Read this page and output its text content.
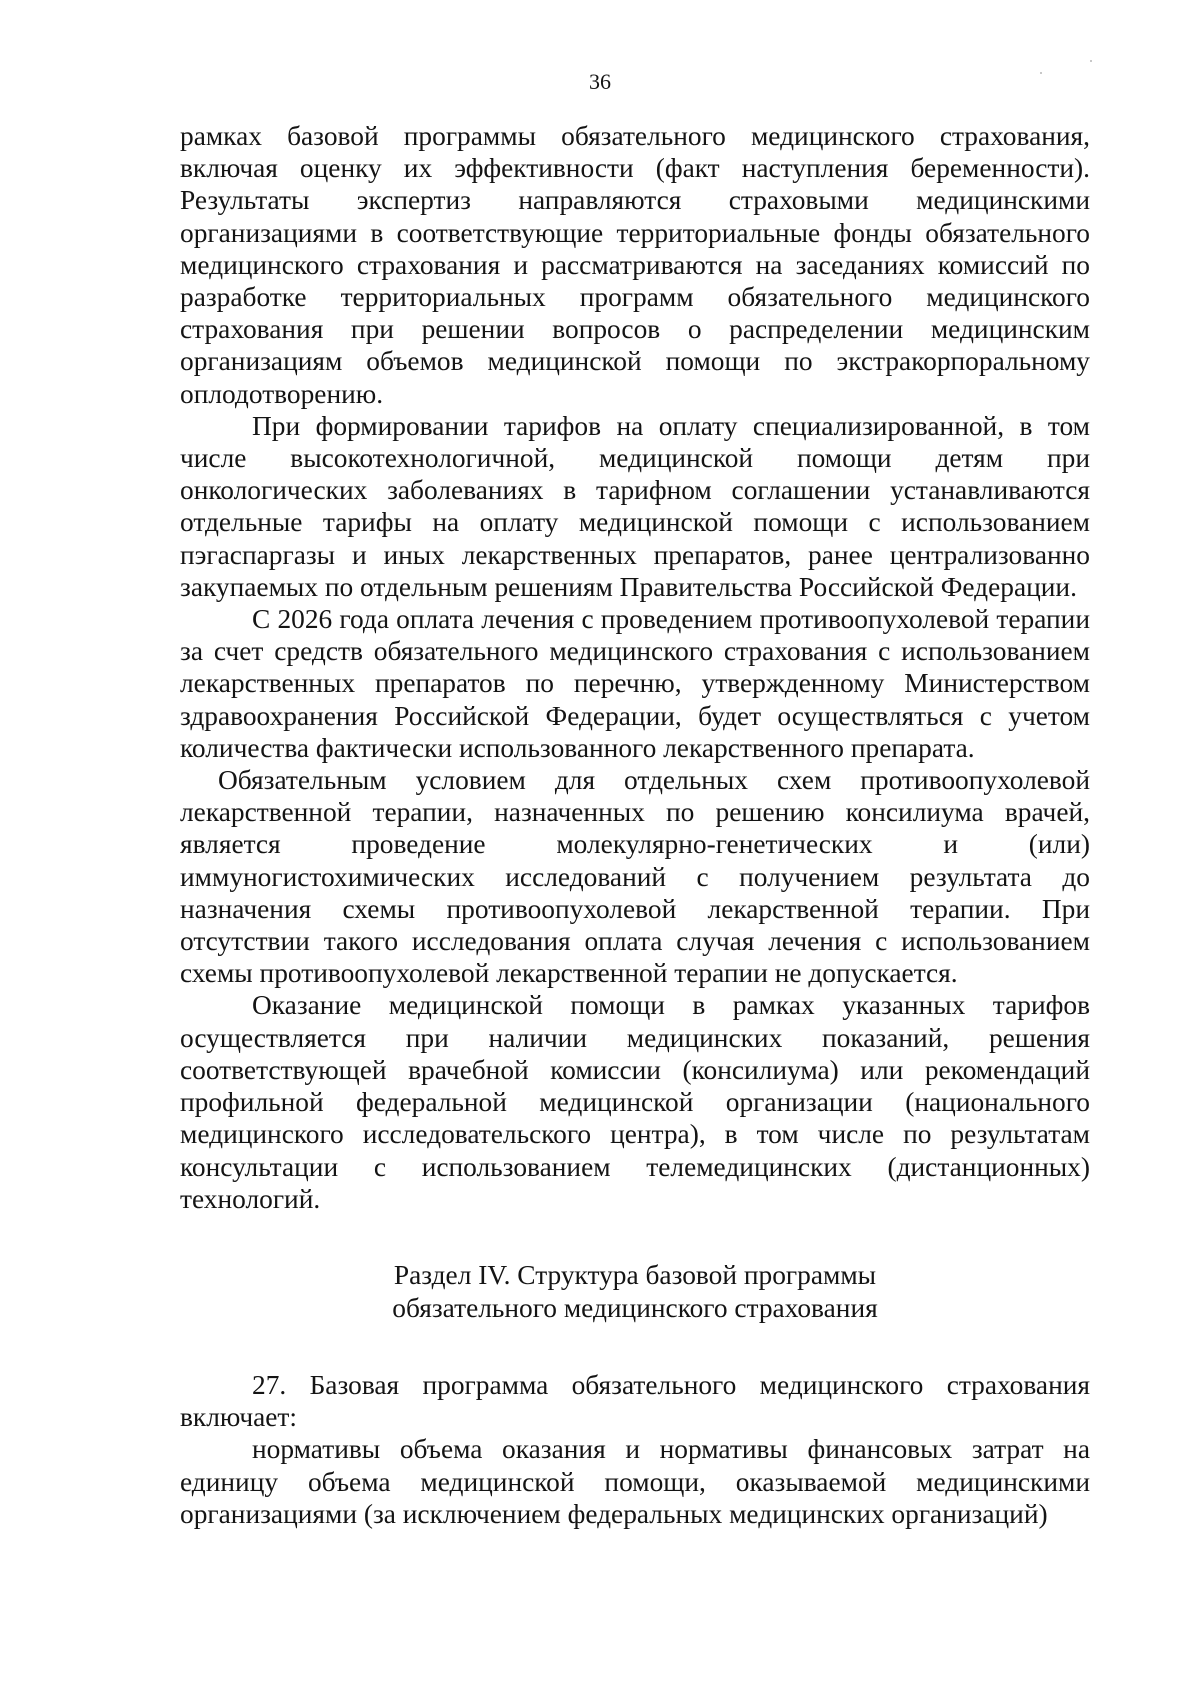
36

рамках базовой программы обязательного медицинского страхования, включая оценку их эффективности (факт наступления беременности). Результаты экспертиз направляются страховыми медицинскими организациями в соответствующие территориальные фонды обязательного медицинского страхования и рассматриваются на заседаниях комиссий по разработке территориальных программ обязательного медицинского страхования при решении вопросов о распределении медицинским организациям объемов медицинской помощи по экстракорпоральному оплодотворению.

При формировании тарифов на оплату специализированной, в том числе высокотехнологичной, медицинской помощи детям при онкологических заболеваниях в тарифном соглашении устанавливаются отдельные тарифы на оплату медицинской помощи с использованием пэгаспаргазы и иных лекарственных препаратов, ранее централизованно закупаемых по отдельным решениям Правительства Российской Федерации.

С 2026 года оплата лечения с проведением противоопухолевой терапии за счет средств обязательного медицинского страхования с использованием лекарственных препаратов по перечню, утвержденному Министерством здравоохранения Российской Федерации, будет осуществляться с учетом количества фактически использованного лекарственного препарата.

Обязательным условием для отдельных схем противоопухолевой лекарственной терапии, назначенных по решению консилиума врачей, является проведение молекулярно-генетических и (или) иммуногистохимических исследований с получением результата до назначения схемы противоопухолевой лекарственной терапии. При отсутствии такого исследования оплата случая лечения с использованием схемы противоопухолевой лекарственной терапии не допускается.

Оказание медицинской помощи в рамках указанных тарифов осуществляется при наличии медицинских показаний, решения соответствующей врачебной комиссии (консилиума) или рекомендаций профильной федеральной медицинской организации (национального медицинского исследовательского центра), в том числе по результатам консультации с использованием телемедицинских (дистанционных) технологий.

Раздел IV. Структура базовой программы
обязательного медицинского страхования

27. Базовая программа обязательного медицинского страхования включает:

нормативы объема оказания и нормативы финансовых затрат на единицу объема медицинской помощи, оказываемой медицинскими организациями (за исключением федеральных медицинских организаций)
